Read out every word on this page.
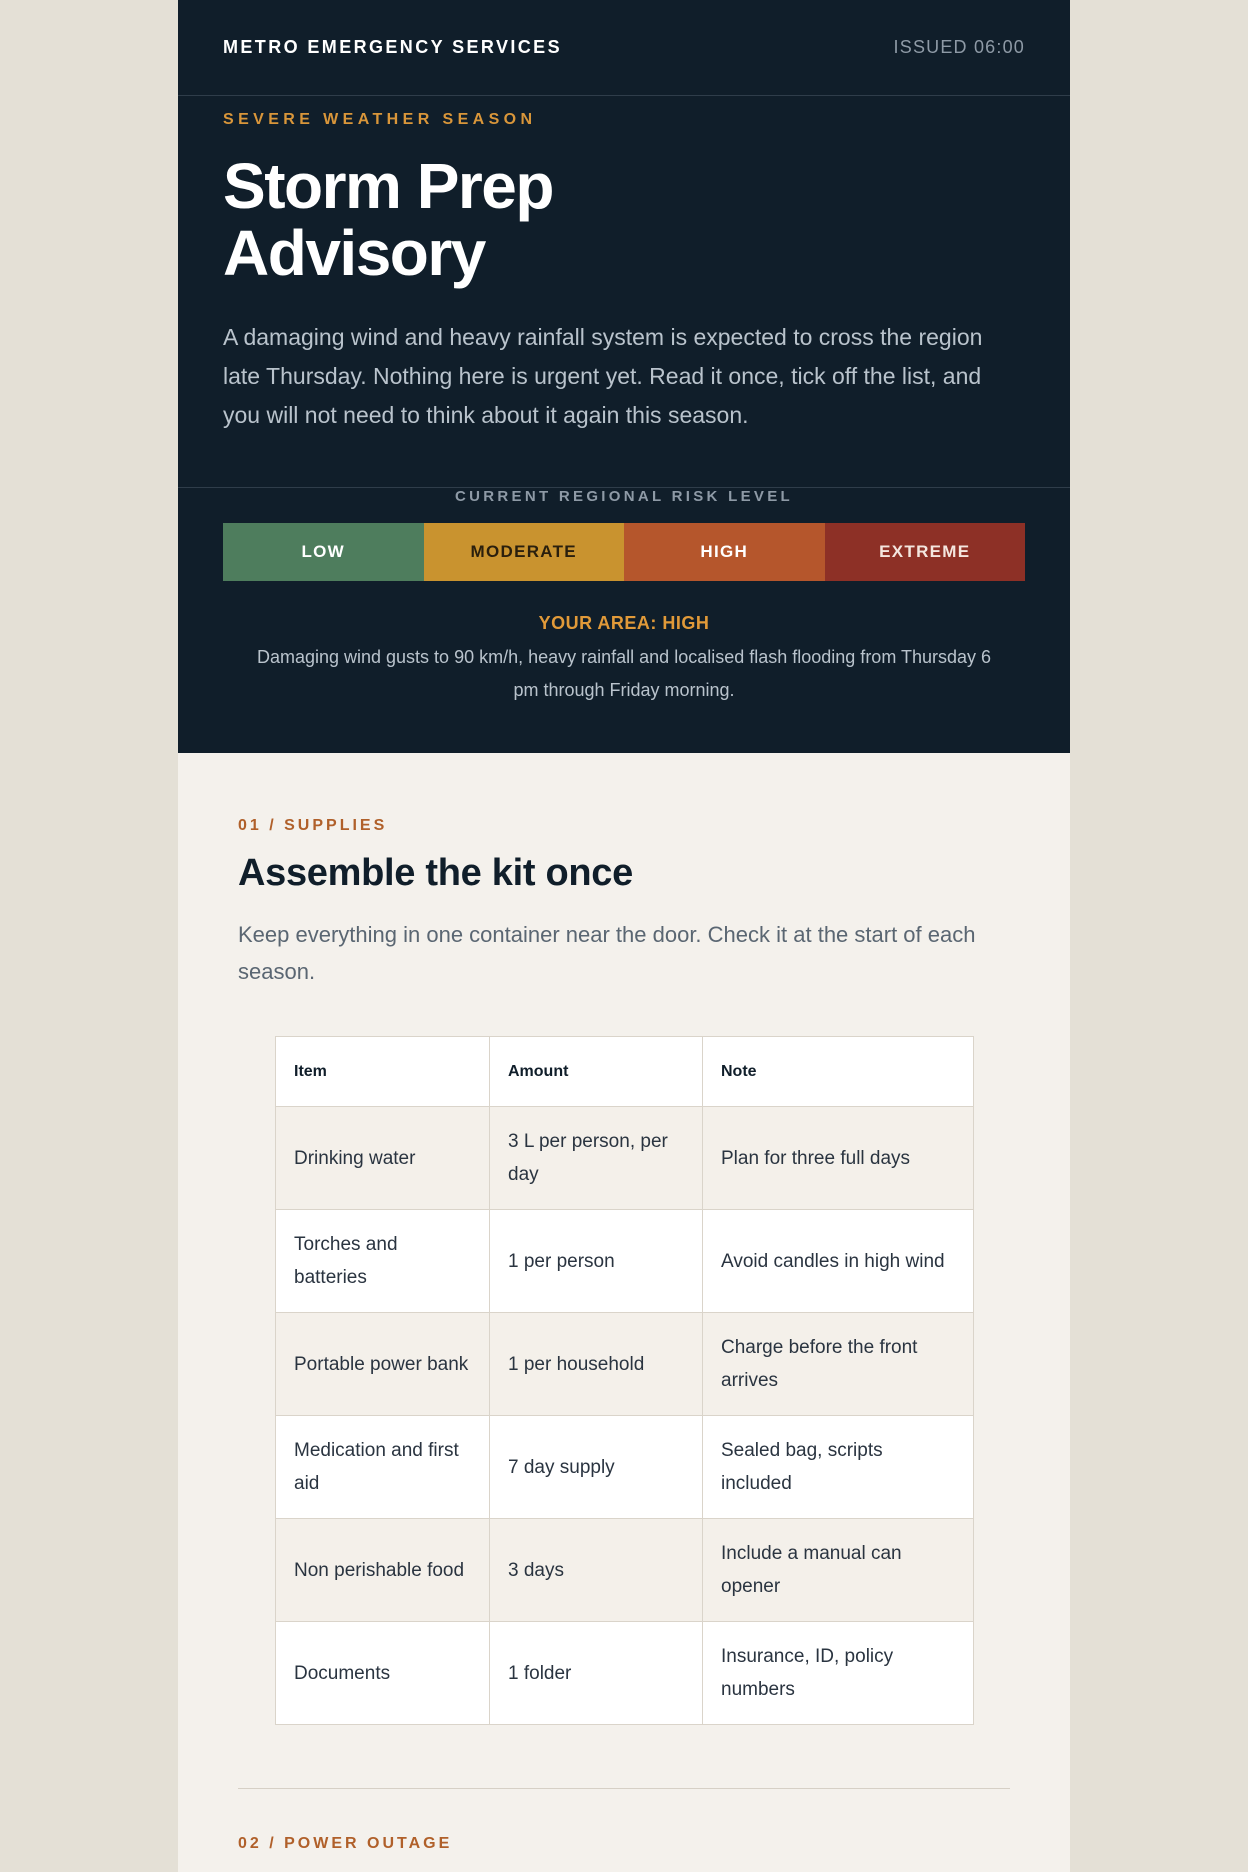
METRO EMERGENCY SERVICES	ISSUED 06:00
SEVERE WEATHER SEASON
Storm Prep
Advisory

A damaging wind and heavy rainfall system is expected to cross the region late Thursday. Nothing here is urgent yet. Read it once, tick off the list, and you will not need to think about it again this season.

CURRENT REGIONAL RISK LEVEL
LOW	MODERATE	HIGH	EXTREME
YOUR AREA: HIGH

Damaging wind gusts to 90 km/h, heavy rainfall and localised flash flooding from Thursday 6 pm through Friday morning.

01 / SUPPLIES
Assemble the kit once

Keep everything in one container near the door. Check it at the start of each season.

Item	Amount	Note
Drinking water	3 L per person, per day	Plan for three full days
Torches and batteries	1 per person	Avoid candles in high wind
Portable power bank	1 per household	Charge before the front arrives
Medication and first aid	7 day supply	Sealed bag, scripts included
Non perishable food	3 days	Include a manual can opener
Documents	1 folder	Insurance, ID, policy numbers
02 / POWER OUTAGE
